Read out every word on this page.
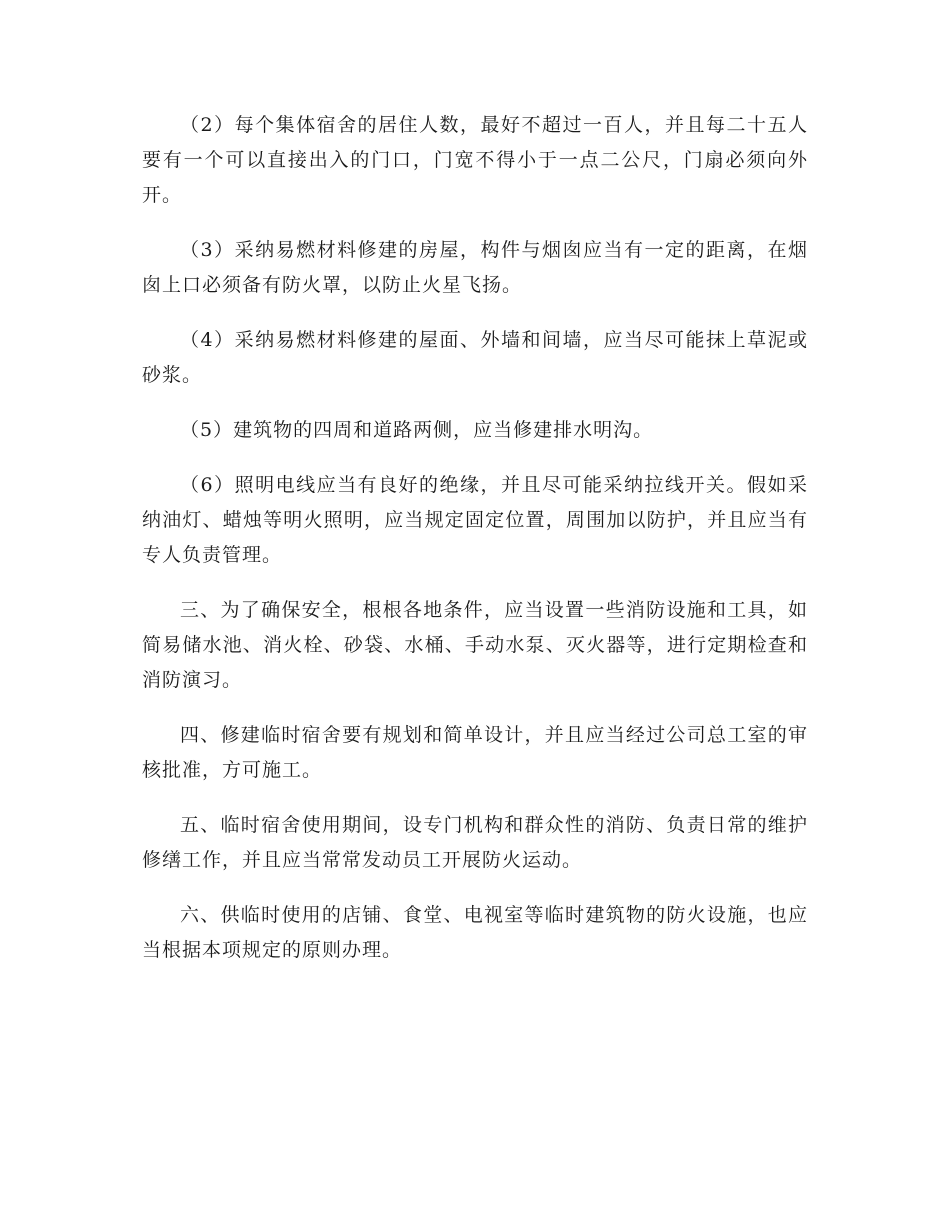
（2）每个集体宿舍的居住人数，最好不超过一百人，并且每二十五人要有一个可以直接出入的门口，门宽不得小于一点二公尺，门扇必须向外开。

（3）采纳易燃材料修建的房屋，构件与烟囱应当有一定的距离，在烟囱上口必须备有防火罩，以防止火星飞扬。

（4）采纳易燃材料修建的屋面、外墙和间墙，应当尽可能抹上草泥或砂浆。

（5）建筑物的四周和道路两侧，应当修建排水明沟。

（6）照明电线应当有良好的绝缘，并且尽可能采纳拉线开关。假如采纳油灯、蜡烛等明火照明，应当规定固定位置，周围加以防护，并且应当有专人负责管理。

三、为了确保安全，根根各地条件，应当设置一些消防设施和工具，如简易储水池、消火栓、砂袋、水桶、手动水泵、灭火器等，进行定期检查和消防演习。

四、修建临时宿舍要有规划和简单设计，并且应当经过公司总工室的审核批准，方可施工。

五、临时宿舍使用期间，设专门机构和群众性的消防、负责日常的维护修缮工作，并且应当常常发动员工开展防火运动。

六、供临时使用的店铺、食堂、电视室等临时建筑物的防火设施，也应当根据本项规定的原则办理。
